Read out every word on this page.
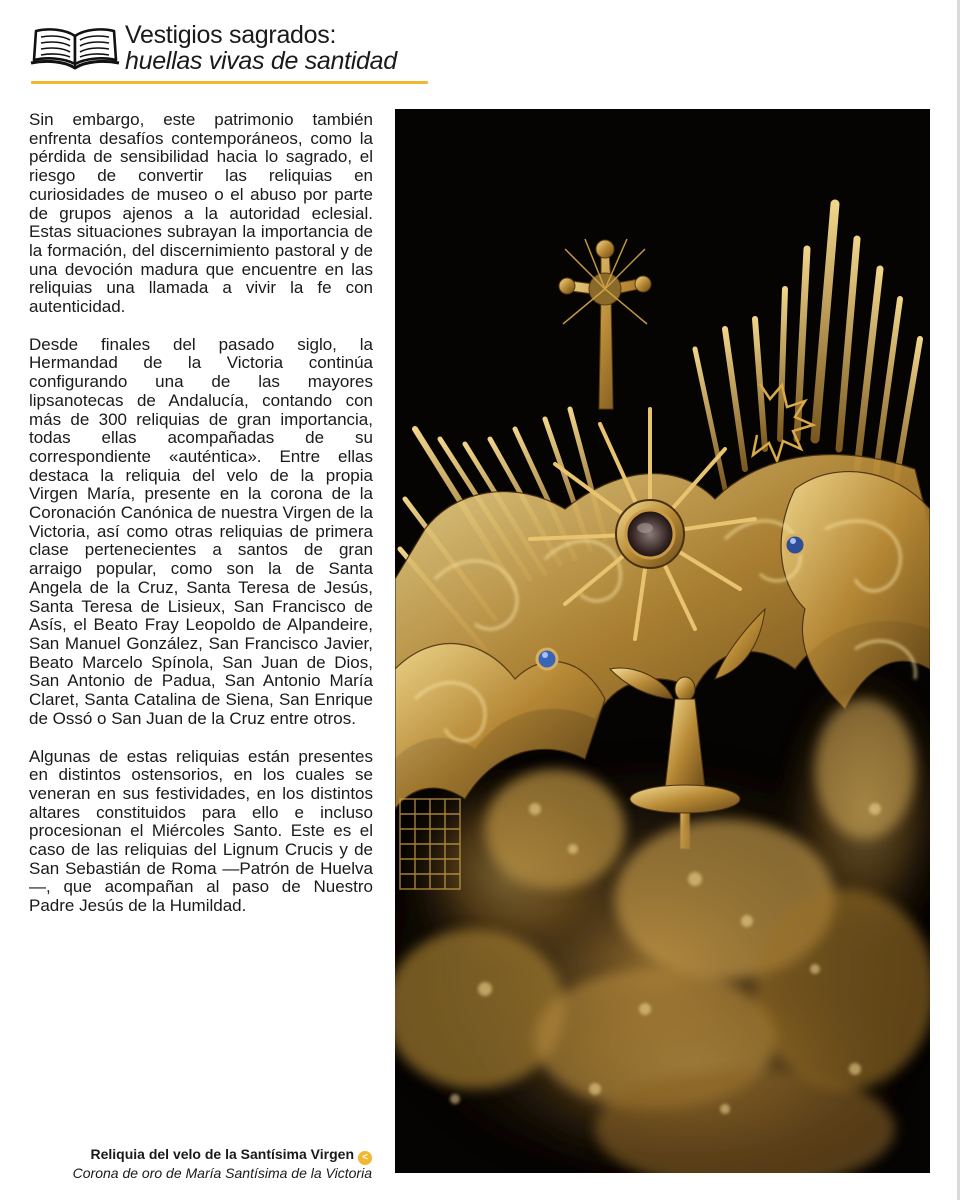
Vestigios sagrados:
huellas vivas de santidad

Sin embargo, este patrimonio también enfrenta desafíos contemporáneos, como la pérdida de sensibilidad hacia lo sagrado, el riesgo de convertir las reliquias en curiosidades de museo o el abuso por parte de grupos ajenos a la autoridad eclesial. Estas situaciones subrayan la importancia de la formación, del discernimiento pastoral y de una devoción madura que encuentre en las reliquias una llamada a vivir la fe con autenticidad.

Desde finales del pasado siglo, la Hermandad de la Victoria continúa configurando una de las mayores lipsanotecas de Andalucía, contando con más de 300 reliquias de gran importancia, todas ellas acompañadas de su correspondiente «auténtica». Entre ellas destaca la reliquia del velo de la propia Virgen María, presente en la corona de la Coronación Canónica de nuestra Virgen de la Victoria, así como otras reliquias de primera clase pertenecientes a santos de gran arraigo popular, como son la de Santa Angela de la Cruz, Santa Teresa de Jesús, Santa Teresa de Lisieux, San Francisco de Asís, el Beato Fray Leopoldo de Alpandeire, San Manuel González, San Francisco Javier, Beato Marcelo Spínola, San Juan de Dios, San Antonio de Padua, San Antonio María Claret, Santa Catalina de Siena, San Enrique de Ossó o San Juan de la Cruz entre otros.

Algunas de estas reliquias están presentes en distintos ostensorios, en los cuales se veneran en sus festividades, en los distintos altares constituidos para ello e incluso procesionan el Miércoles Santo. Este es el caso de las reliquias del Lignum Crucis y de San Sebastián de Roma —Patrón de Huelva—, que acompañan al paso de Nuestro Padre Jesús de la Humildad.

Reliquia del velo de la Santísima Virgen <
Corona de oro de María Santísima de la Victoria
